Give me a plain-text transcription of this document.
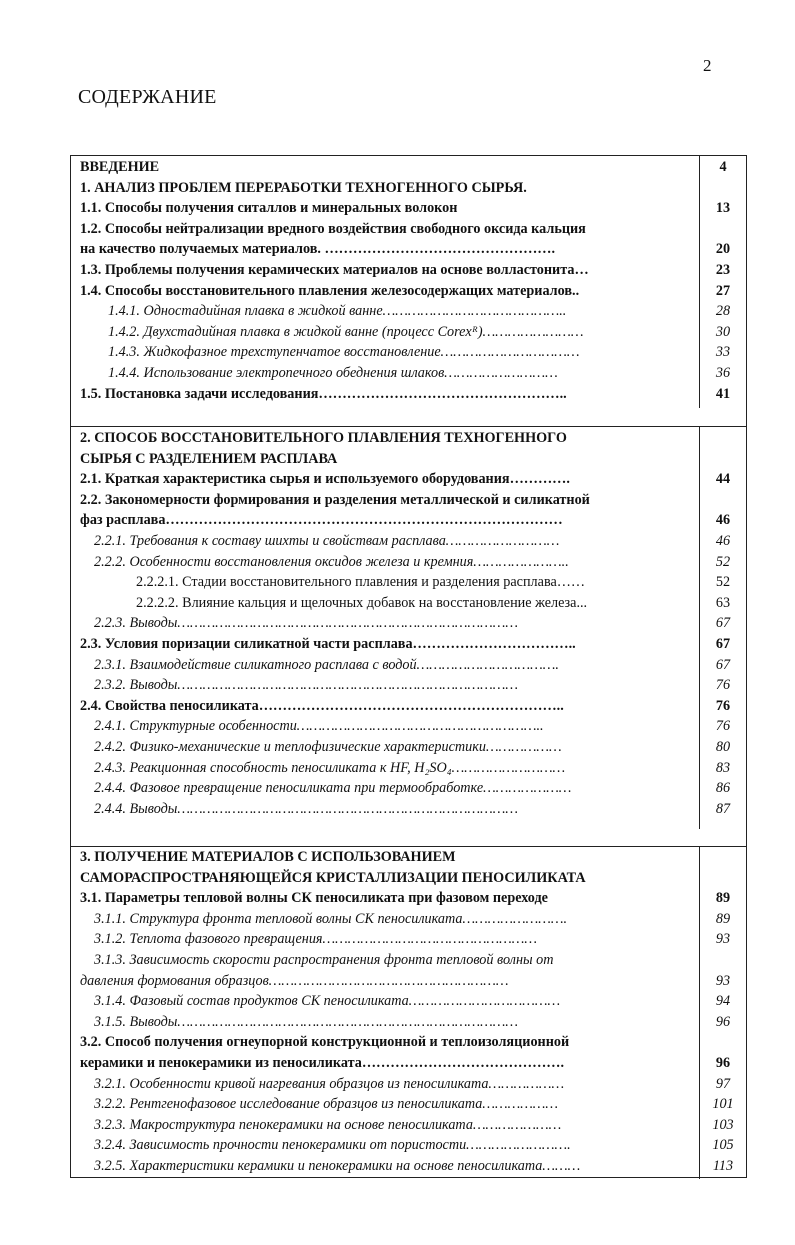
2
СОДЕРЖАНИЕ
ВВЕДЕНИЕ	4
1. АНАЛИЗ ПРОБЛЕМ ПЕРЕРАБОТКИ ТЕХНОГЕННОГО СЫРЬЯ.
1.1. Способы получения ситаллов и минеральных волокон	13
1.2. Способы нейтрализации вредного воздействия свободного оксида кальция
на качество получаемых материалов. ………………………………………….	20
1.3. Проблемы получения керамических материалов на основе волластонита…	23
1.4. Способы восстановительного плавления железосодержащих материалов..	27
1.4.1. Одностадийная плавка в жидкой ванне……………………………………..	28
1.4.2. Двухстадийная плавка в жидкой ванне (процесс Corexᴿ)……………………	30
1.4.3. Жидкофазное трехступенчатое восстановление……………………………	33
1.4.4. Использование электропечного обеднения шлаков………………………	36
1.5. Постановка задачи исследования……………………………………………..	41
2. СПОСОБ ВОССТАНОВИТЕЛЬНОГО ПЛАВЛЕНИЯ ТЕХНОГЕННОГО
СЫРЬЯ С РАЗДЕЛЕНИЕМ РАСПЛАВА
2.1. Краткая характеристика сырья и используемого оборудования………….	44
2.2. Закономерности формирования и разделения металлической и силикатной
фаз расплава…………………………………………………………………………	46
2.2.1. Требования к составу шихты и свойствам расплава………………………	46
2.2.2. Особенности восстановления оксидов железа и кремния…………………..	52
2.2.2.1. Стадии восстановительного плавления и разделения расплава……	52
2.2.2.2. Влияние кальция и щелочных добавок на восстановление железа...	63
2.2.3. Выводы………………………………………………………………………	67
2.3. Условия поризации силикатной части расплава……………………………..	67
2.3.1. Взаимодействие силикатного расплава с водой…………………………….	67
2.3.2. Выводы………………………………………………………………………	76
2.4. Свойства пеносиликата………………………………………………………..	76
2.4.1. Структурные особенности…………………………………………………..	76
2.4.2. Физико-механические и теплофизические характеристики………………	80
2.4.3. Реакционная способность пеносиликата к HF, H₂SO₄………………………	83
2.4.4. Фазовое превращение пеносиликата при термообработке…………………	86
2.4.4. Выводы………………………………………………………………………	87
3. ПОЛУЧЕНИЕ МАТЕРИАЛОВ С ИСПОЛЬЗОВАНИЕМ
САМОРАСПРОСТРАНЯЮЩЕЙСЯ КРИСТАЛЛИЗАЦИИ ПЕНОСИЛИКАТА
3.1. Параметры тепловой волны СК пеносиликата при фазовом переходе	89
3.1.1. Структура фронта тепловой волны СК пеносиликата…………………….	89
3.1.2. Теплота фазового превращения……………………………………………	93
3.1.3. Зависимость скорости распространения фронта тепловой волны от
давления формования образцов…………………………………………………	93
3.1.4. Фазовый состав продуктов СК пеносиликата………………………………	94
3.1.5. Выводы………………………………………………………………………	96
3.2. Способ получения огнеупорной конструкционной и теплоизоляционной
керамики и пенокерамики из пеносиликата…………………………………….	96
3.2.1. Особенности кривой нагревания образцов из пеносиликата………………	97
3.2.2. Рентгенофазовое исследование образцов из пеносиликата………………	101
3.2.3. Макроструктура пенокерамики на основе пеносиликата…………………	103
3.2.4. Зависимость прочности пенокерамики от пористости…………………….	105
3.2.5. Характеристики керамики и пенокерамики на основе пеносиликата………	113
